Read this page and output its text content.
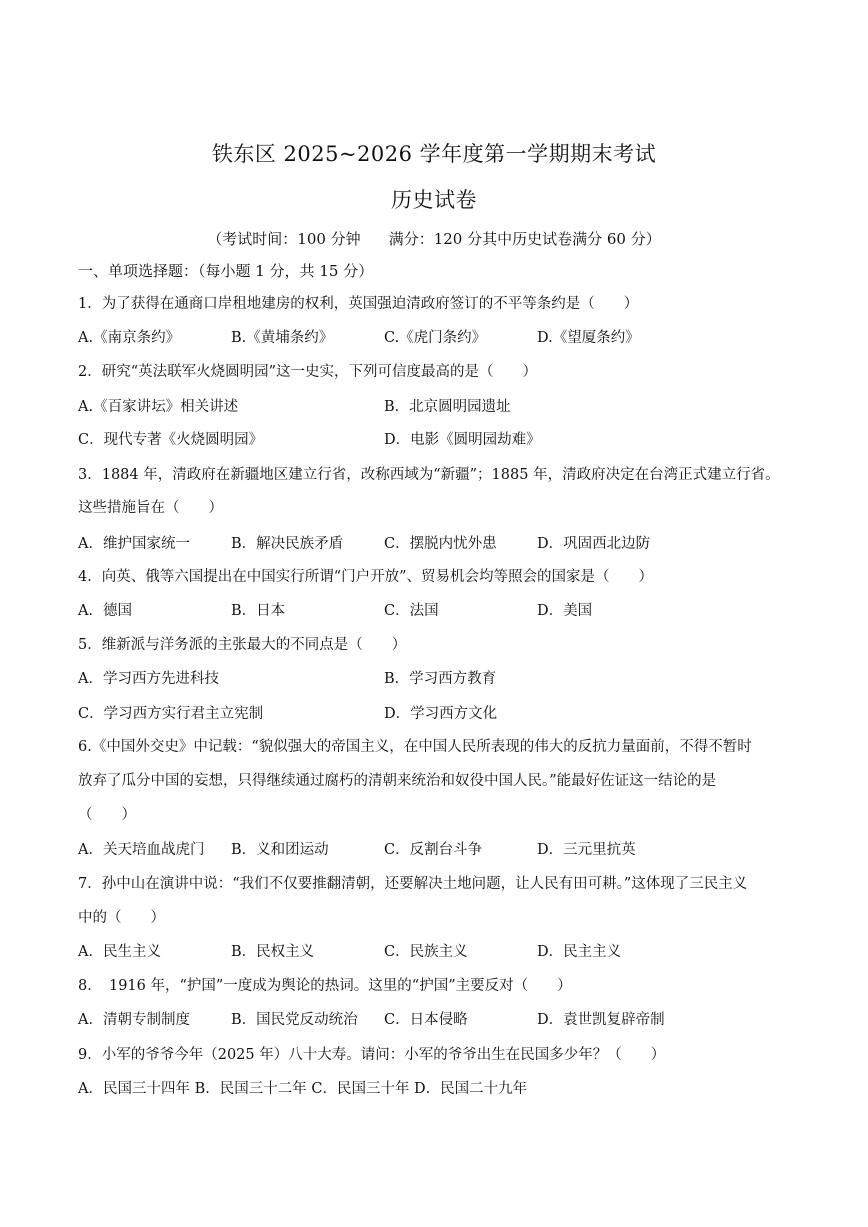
铁东区 2025~2026 学年度第一学期期末考试
历史试卷
（考试时间：100 分钟 满分：120 分其中历史试卷满分 60 分）
一、单项选择题：（每小题 1 分，共 15 分）
1．为了获得在通商口岸租地建房的权利，英国强迫清政府签订的不平等条约是（　　）
A.《南京条约》	B.《黄埔条约》	C.《虎门条约》	D.《望厦条约》
2．研究“英法联军火烧圆明园”这一史实，下列可信度最高的是（　　）
A.《百家讲坛》相关讲述	B．北京圆明园遗址
C．现代专著《火烧圆明园》	D．电影《圆明园劫难》
3．1884 年，清政府在新疆地区建立行省，改称西域为“新疆”；1885 年，清政府决定在台湾正式建立行省。
这些措施旨在（　　）
A．维护国家统一	B．解决民族矛盾	C．摆脱内忧外患	D．巩固西北边防
4．向英、俄等六国提出在中国实行所谓“门户开放”、贸易机会均等照会的国家是（　　）
A．德国	B．日本	C．法国	D．美国
5．维新派与洋务派的主张最大的不同点是（　　）
A．学习西方先进科技	B．学习西方教育
C．学习西方实行君主立宪制	D．学习西方文化
6.《中国外交史》中记载：“貌似强大的帝国主义，在中国人民所表现的伟大的反抗力量面前，不得不暂时
放弃了瓜分中国的妄想，只得继续通过腐朽的清朝来统治和奴役中国人民。”能最好佐证这一结论的是
（　　）
A．关天培血战虎门 B．义和团运动	C．反割台斗争	D．三元里抗英
7．孙中山在演讲中说：“我们不仅要推翻清朝，还要解决土地问题，让人民有田可耕。”这体现了三民主义
中的（　　）
A．民生主义	B．民权主义	C．民族主义	D．民主主义
8．　1916 年，“护国”一度成为舆论的热词。这里的“护国”主要反对（　　）
A．清朝专制制度	B．国民党反动统治 C．日本侵略	D．袁世凯复辟帝制
9．小军的爷爷今年（2025 年）八十大寿。请问：小军的爷爷出生在民国多少年？（　　）
A．民国三十四年 B．民国三十二年 C．民国三十年 D．民国二十九年
